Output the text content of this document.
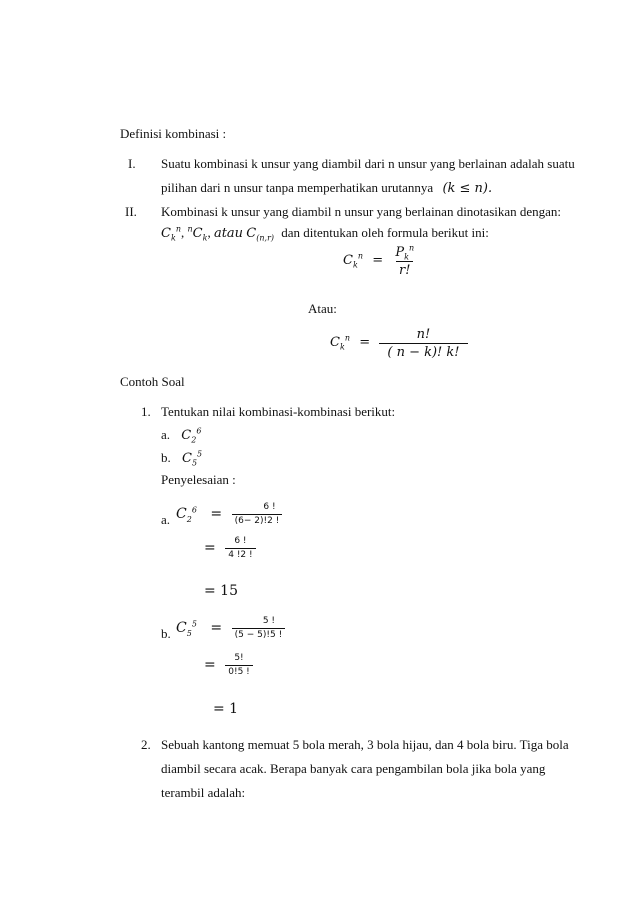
Definisi kombinasi :
I. Suatu kombinasi k unsur yang diambil dari n unsur yang berlainan adalah suatu
pilihan dari n unsur tanpa memperhatikan urutannya (k ≤ n).
II. Kombinasi k unsur yang diambil n unsur yang berlainan dinotasikan dengan:
$C_k^n$, $^nC_k$, atau $C_{(n,r)}$ dan ditentukan oleh formula berikut ini:
$C_k^n = \frac{P_k^n}{r!}$
Atau:
$C_k^n = \frac{n!}{( n - k)! k!}$
Contoh Soal
1. Tentukan nilai kombinasi-kombinasi berikut:
a. $C_2^6$
b. $C_5^5$
Penyelesaian :
a. $C_2^6 = \frac{6 !}{(6- 2)!2 !}$
= $\frac{6 !}{4 !2 !}$
= 15
b. $C_5^5 = \frac{5 !}{(5 - 5)!5 !}$
= $\frac{5!}{0!5 !}$
= 1
2. Sebuah kantong memuat 5 bola merah, 3 bola hijau, dan 4 bola biru. Tiga bola
diambil secara acak. Berapa banyak cara pengambilan bola jika bola yang
terambil adalah:
